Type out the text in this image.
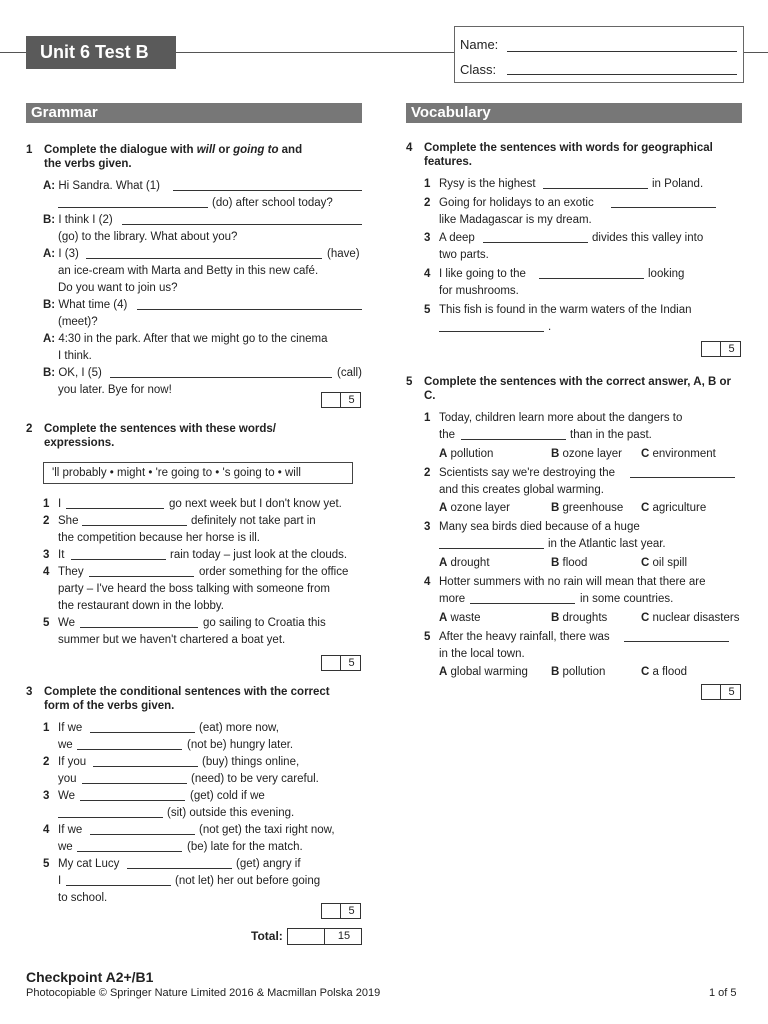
Unit 6 Test B	Name:
Class:
Grammar	Vocabulary
1 Complete the dialogue with will or going to and
the verbs given.
A: Hi Sandra. What (1)
(do) after school today?
B: I think I (2)
(go) to the library. What about you?
A: I (3)	(have)
an ice-cream with Marta and Betty in this new café.
Do you want to join us?
B: What time (4)
(meet)?
A: 4:30 in the park. After that we might go to the cinema
I think.
B: OK, I (5)	(call)
you later. Bye for now!
5
2 Complete the sentences with these words/ expressions.
'll probably • might • 're going to • 's going to • will
1 I	go next week but I don't know yet.
2 She	definitely not take part in
the competition because her horse is ill.
3 It	rain today – just look at the clouds.
4 They	order something for the office
party – I've heard the boss talking with someone from
the restaurant down in the lobby.
5 We	go sailing to Croatia this
summer but we haven't chartered a boat yet.
5
3 Complete the conditional sentences with the correct form of the verbs given.
1 If we	(eat) more now,
we	(not be) hungry later.
2 If you	(buy) things online,
you	(need) to be very careful.
3 We	(get) cold if we
(sit) outside this evening.
4 If we	(not get) the taxi right now,
we	(be) late for the match.
5 My cat Lucy	(get) angry if
I	(not let) her out before going
to school.
5
Total:	15
4 Complete the sentences with words for geographical features.
1 Rysy is the highest	in Poland.
2 Going for holidays to an exotic
like Madagascar is my dream.
3 A deep	divides this valley into
two parts.
4 I like going to the	looking
for mushrooms.
5 This fish is found in the warm waters of the Indian
.
5
5 Complete the sentences with the correct answer, A, B or C.
1 Today, children learn more about the dangers to
the	than in the past.
A pollution	B ozone layer C environment
2 Scientists say we're destroying the
and this creates global warming.
A ozone layer	B greenhouse C agriculture
3 Many sea birds died because of a huge
in the Atlantic last year.
A drought	B flood	C oil spill
4 Hotter summers with no rain will mean that there are
more	in some countries.
A waste	B droughts	C nuclear disasters
5 After the heavy rainfall, there was
in the local town.
A global warming B pollution	C a flood
5
Checkpoint A2+/B1
Photocopiable © Springer Nature Limited 2016 & Macmillan Polska 2019	1 of 5
